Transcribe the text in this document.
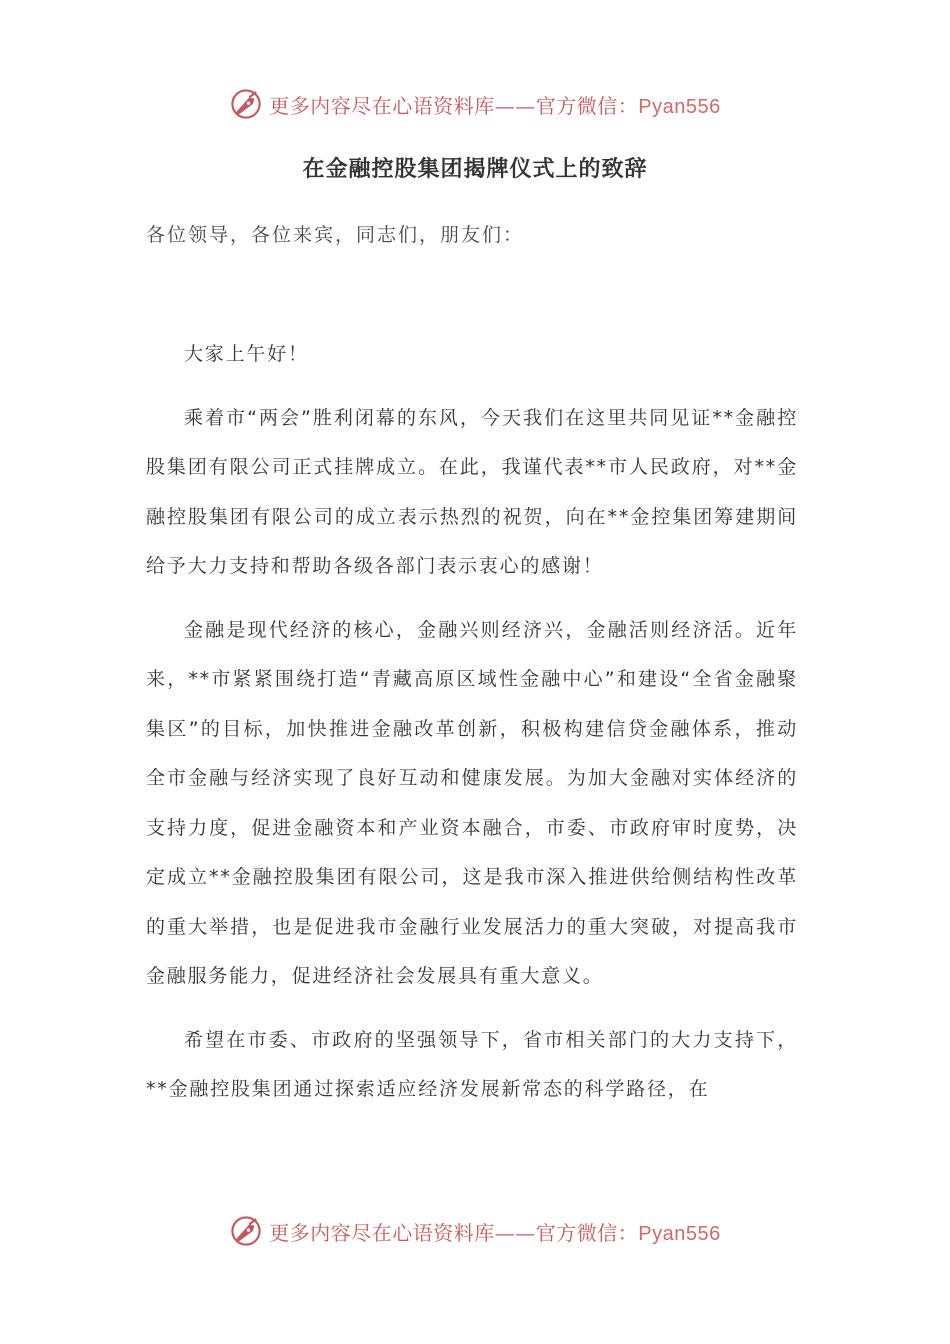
更多内容尽在心语资料库——官方微信：Pyan556
在金融控股集团揭牌仪式上的致辞
各位领导，各位来宾，同志们，朋友们：

大家上午好！

乘着市“两会”胜利闭幕的东风，今天我们在这里共同见证**金融控股集团有限公司正式挂牌成立。在此，我谨代表**市人民政府，对**金融控股集团有限公司的成立表示热烈的祝贺，向在**金控集团筹建期间给予大力支持和帮助各级各部门表示衷心的感谢！

金融是现代经济的核心，金融兴则经济兴，金融活则经济活。近年来，**市紧紧围绕打造“青藏高原区域性金融中心”和建设“全省金融聚集区”的目标，加快推进金融改革创新，积极构建信贷金融体系，推动全市金融与经济实现了良好互动和健康发展。为加大金融对实体经济的支持力度，促进金融资本和产业资本融合，市委、市政府审时度势，决定成立**金融控股集团有限公司，这是我市深入推进供给侧结构性改革的重大举措，也是促进我市金融行业发展活力的重大突破，对提高我市金融服务能力，促进经济社会发展具有重大意义。

希望在市委、市政府的坚强领导下，省市相关部门的大力支持下，**金融控股集团通过探索适应经济发展新常态的科学路径，在

更多内容尽在心语资料库——官方微信：Pyan556
